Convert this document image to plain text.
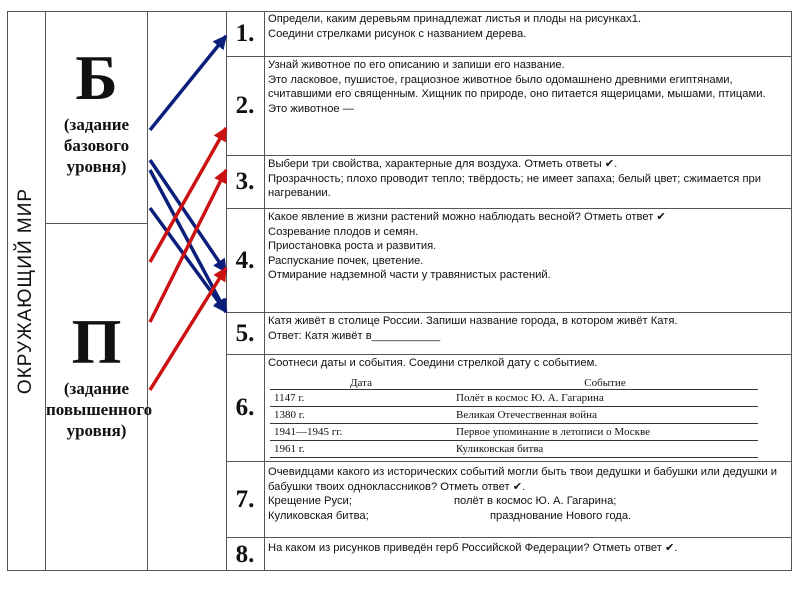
ОКРУЖАЮЩИЙ МИР
Б
(задание базового уровня)
П
(задание повышенного уровня)
1.

Определи, каким деревьям принадлежат листья и плоды на рисунках1.

Соедини стрелками рисунок с названием дерева.

2.

Узнай животное по его описанию и запиши его название.

Это ласковое, пушистое, грациозное животное было одомашнено древними египтянами, считавшими его священным. Хищник по природе, оно питается ящерицами, мышами, птицами.

Это животное —

3.

Выбери три свойства, характерные для воздуха. Отметь ответы ✔.

Прозрачность; плохо проводит тепло; твёрдость; не имеет запаха; белый цвет; сжимается при нагревании.

4.

Какое явление в жизни растений можно наблюдать весной? Отметь ответ ✔

Созревание плодов и семян.

Приостановка роста и развития.

Распускание почек, цветение.

Отмирание надземной части у травянистых растений.

5.	Катя живёт в столице России. Запиши название города, в котором живёт Катя.

Ответ: Катя живёт в___________

6.

Соотнеси даты и события. Соедини стрелкой дату с событием.

Дата	Событие
1147 г.	Полёт в космос Ю. А. Гагарина
1380 г.	Великая Отечественная война
1941—1945 гг.	Первое упоминание в летописи о Москве
1961 г.	Куликовская битва
7.

Очевидцами какого из исторических событий могли быть твои дедушки и бабушки или дедушки и бабушки твоих одноклассников? Отметь ответ ✔.

Крещение Руси;	полёт в космос Ю. А. Гагарина;
Куликовская битва;	празднование Нового года.
8.	На каком из рисунков приведён герб Российской Федерации? Отметь ответ ✔.
